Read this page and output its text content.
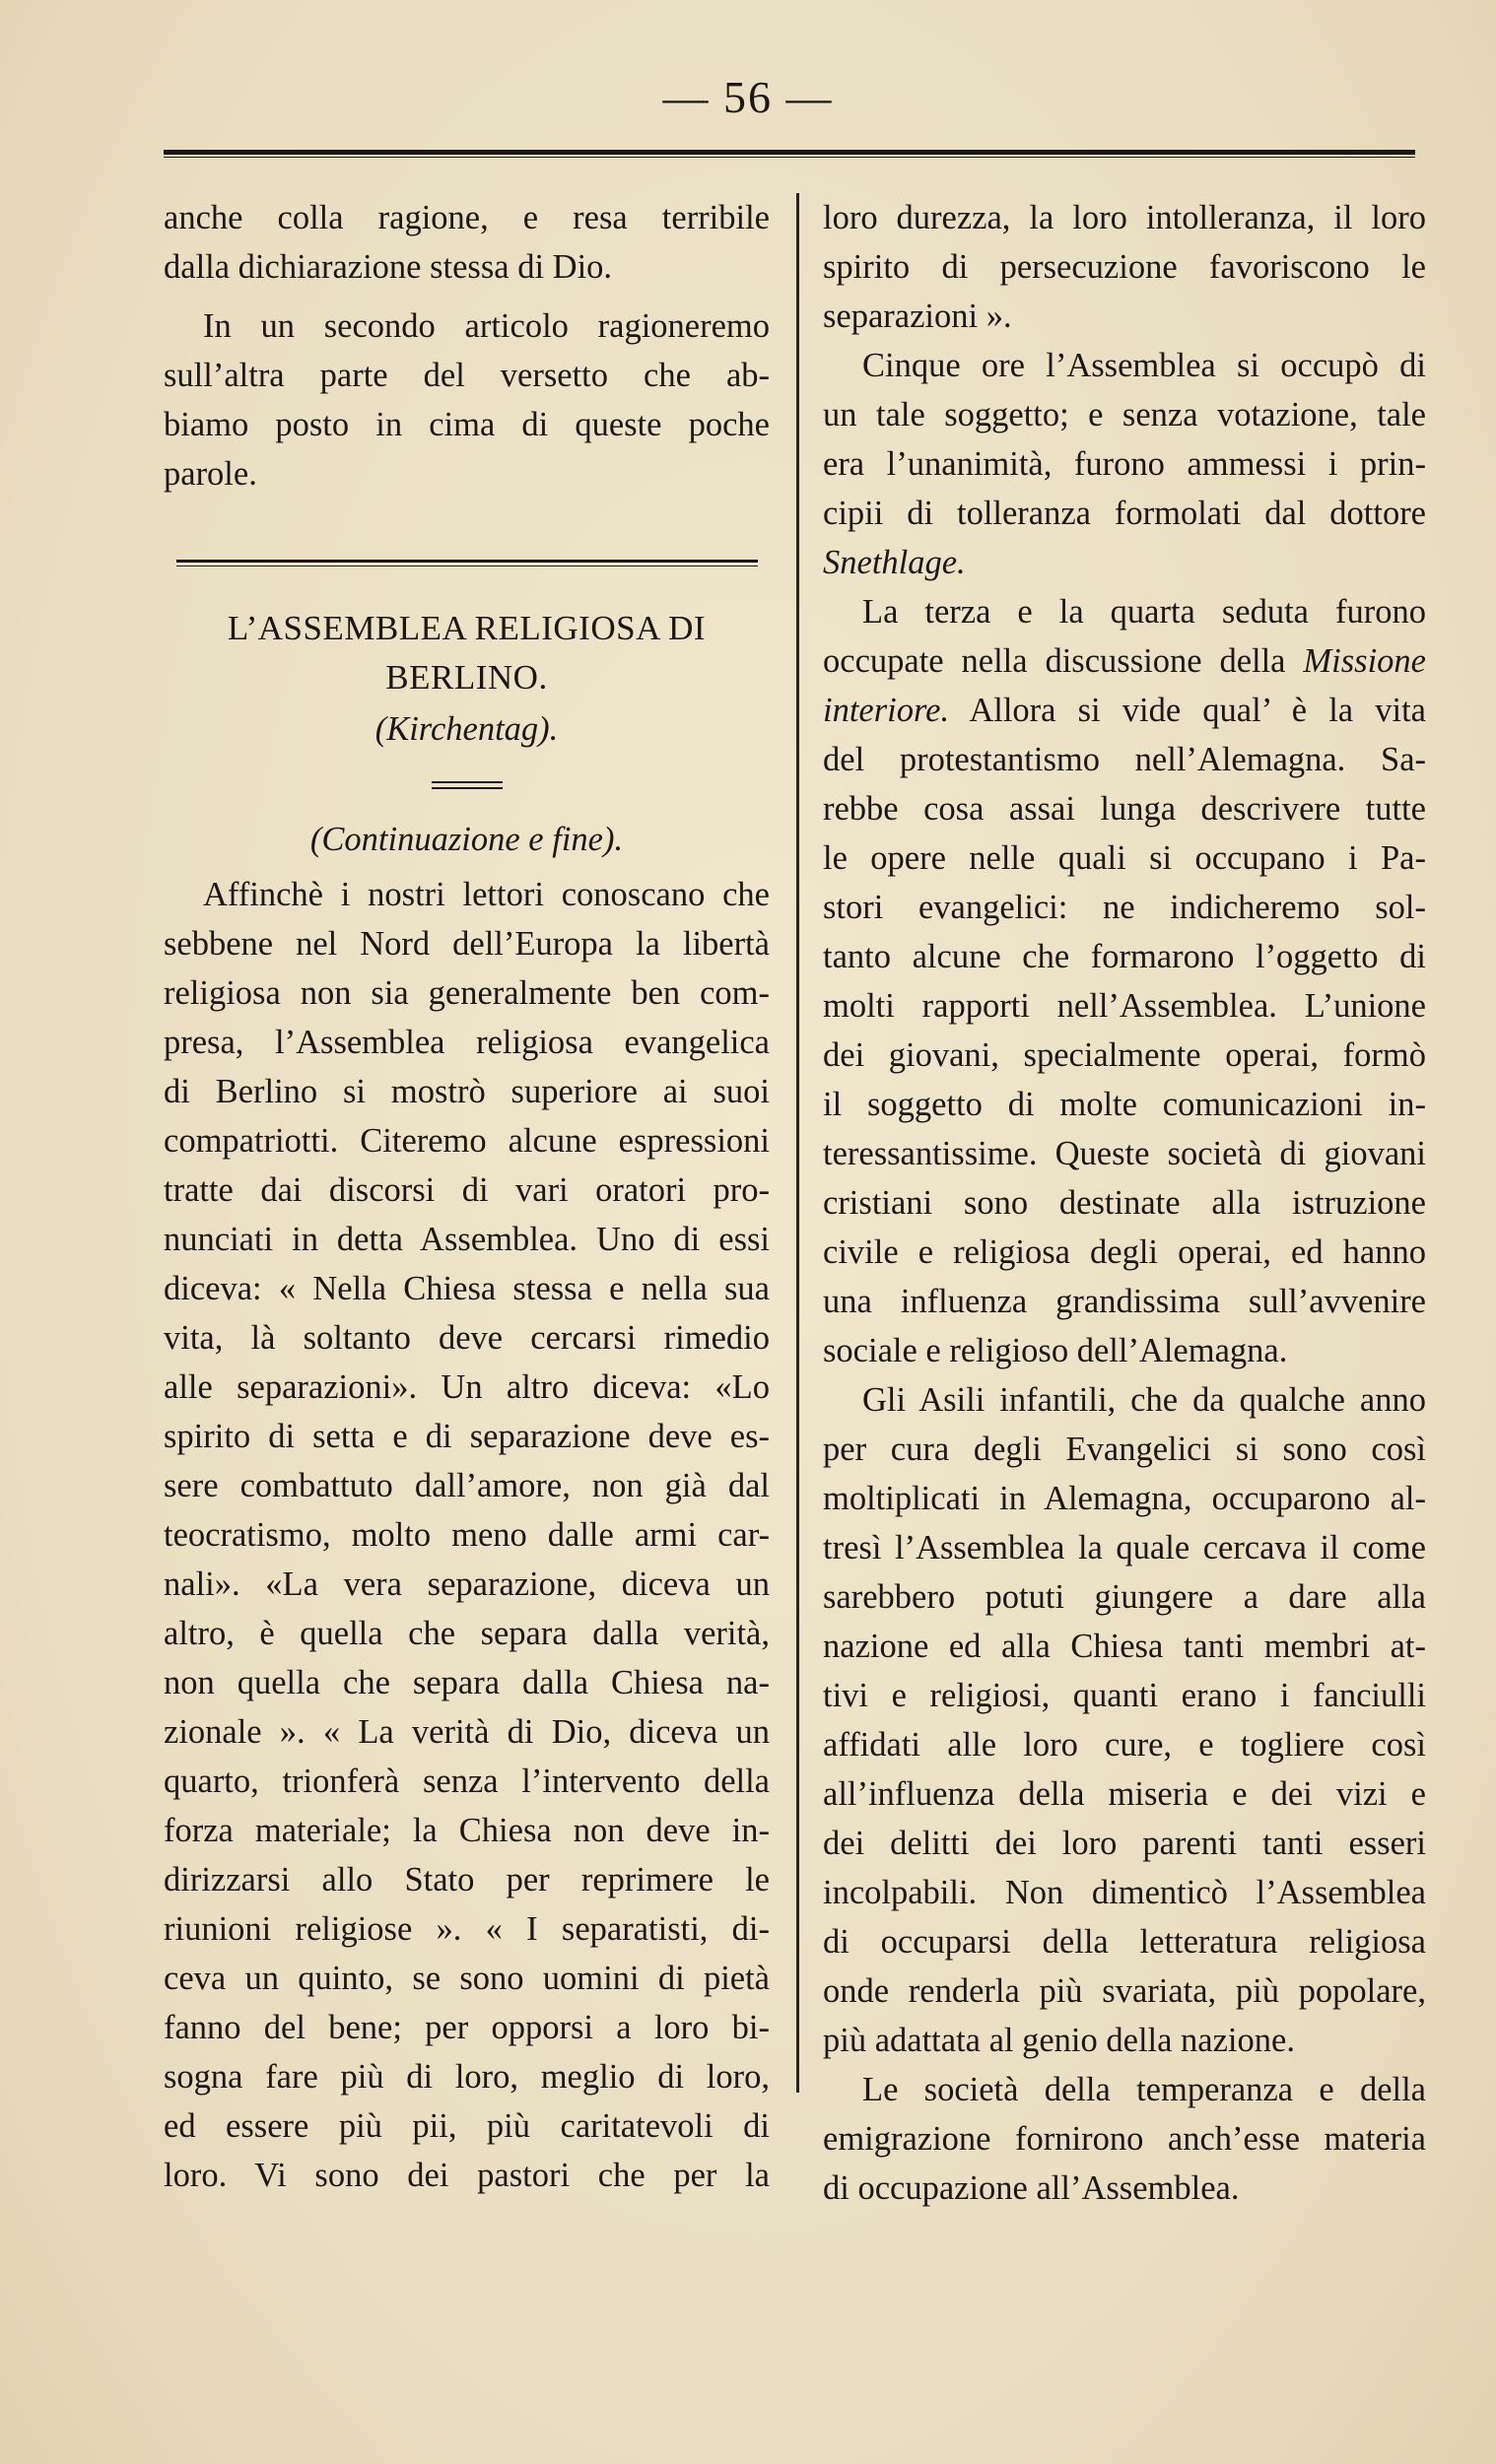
— 56 —
anche colla ragione, e resa terribile
dalla dichiarazione stessa di Dio.
In un secondo articolo ragioneremo
sull’altra parte del versetto che ab-
biamo posto in cima di queste poche
parole.

L’ASSEMBLEA RELIGIOSA DI BERLINO.

(Kirchentag).

(Continuazione e fine).

Affinchè i nostri lettori conoscano che
sebbene nel Nord dell’Europa la libertà
religiosa non sia generalmente ben com-
presa, l’Assemblea religiosa evangelica
di Berlino si mostrò superiore ai suoi
compatriotti. Citeremo alcune espressioni
tratte dai discorsi di vari oratori pro-
nunciati in detta Assemblea. Uno di essi
diceva: « Nella Chiesa stessa e nella sua
vita, là soltanto deve cercarsi rimedio
alle separazioni». Un altro diceva: «Lo
spirito di setta e di separazione deve es-
sere combattuto dall’amore, non già dal
teocratismo, molto meno dalle armi car-
nali». «La vera separazione, diceva un
altro, è quella che separa dalla verità,
non quella che separa dalla Chiesa na-
zionale ». « La verità di Dio, diceva un
quarto, trionferà senza l’intervento della
forza materiale; la Chiesa non deve in-
dirizzarsi allo Stato per reprimere le
riunioni religiose ». « I separatisti, di-
ceva un quinto, se sono uomini di pietà
fanno del bene; per opporsi a loro bi-
sogna fare più di loro, meglio di loro,
ed essere più pii, più caritatevoli di
loro. Vi sono dei pastori che per la
loro durezza, la loro intolleranza, il loro
spirito di persecuzione favoriscono le
separazioni ».
Cinque ore l’Assemblea si occupò di
un tale soggetto; e senza votazione, tale
era l’unanimità, furono ammessi i prin-
cipii di tolleranza formolati dal dottore
Snethlage.
La terza e la quarta seduta furono
occupate nella discussione della Missione
interiore. Allora si vide qual’ è la vita
del protestantismo nell’Alemagna. Sa-
rebbe cosa assai lunga descrivere tutte
le opere nelle quali si occupano i Pa-
stori evangelici: ne indicheremo sol-
tanto alcune che formarono l’oggetto di
molti rapporti nell’Assemblea. L’unione
dei giovani, specialmente operai, formò
il soggetto di molte comunicazioni in-
teressantissime. Queste società di giovani
cristiani sono destinate alla istruzione
civile e religiosa degli operai, ed hanno
una influenza grandissima sull’avvenire
sociale e religioso dell’Alemagna.
Gli Asili infantili, che da qualche anno
per cura degli Evangelici si sono così
moltiplicati in Alemagna, occuparono al-
tresì l’Assemblea la quale cercava il come
sarebbero potuti giungere a dare alla
nazione ed alla Chiesa tanti membri at-
tivi e religiosi, quanti erano i fanciulli
affidati alle loro cure, e togliere così
all’influenza della miseria e dei vizi e
dei delitti dei loro parenti tanti esseri
incolpabili. Non dimenticò l’Assemblea
di occuparsi della letteratura religiosa
onde renderla più svariata, più popolare,
più adattata al genio della nazione.
Le società della temperanza e della
emigrazione fornirono anch’esse materia
di occupazione all’Assemblea.
